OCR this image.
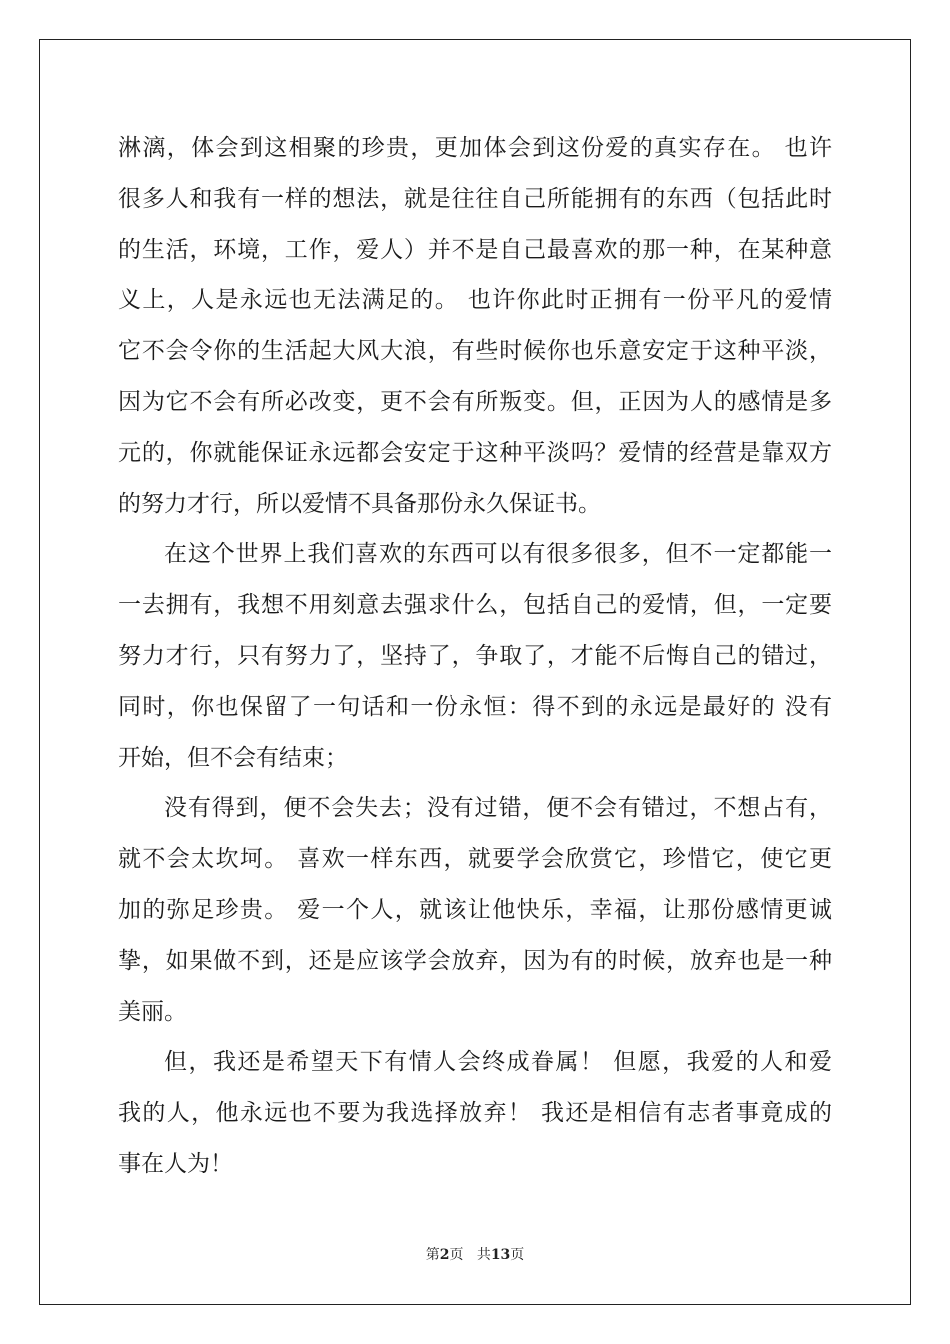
淋漓，体会到这相聚的珍贵，更加体会到这份爱的真实存在。 也许
很多人和我有一样的想法，就是往往自己所能拥有的东西（包括此时
的生活，环境，工作，爱人）并不是自己最喜欢的那一种，在某种意
义上，人是永远也无法满足的。 也许你此时正拥有一份平凡的爱情
它不会令你的生活起大风大浪，有些时候你也乐意安定于这种平淡，
因为它不会有所必改变，更不会有所叛变。但，正因为人的感情是多
元的，你就能保证永远都会安定于这种平淡吗？爱情的经营是靠双方
的努力才行，所以爱情不具备那份永久保证书。
在这个世界上我们喜欢的东西可以有很多很多，但不一定都能一
一去拥有，我想不用刻意去强求什么，包括自己的爱情，但，一定要
努力才行，只有努力了，坚持了，争取了，才能不后悔自己的错过，
同时，你也保留了一句话和一份永恒：得不到的永远是最好的 没有
开始，但不会有结束；
没有得到，便不会失去；没有过错，便不会有错过，不想占有，
就不会太坎坷。 喜欢一样东西，就要学会欣赏它，珍惜它，使它更
加的弥足珍贵。 爱一个人，就该让他快乐，幸福，让那份感情更诚
挚，如果做不到，还是应该学会放弃，因为有的时候，放弃也是一种
美丽。
但，我还是希望天下有情人会终成眷属！ 但愿，我爱的人和爱
我的人，他永远也不要为我选择放弃！ 我还是相信有志者事竟成的
事在人为！
第2页 共13页
